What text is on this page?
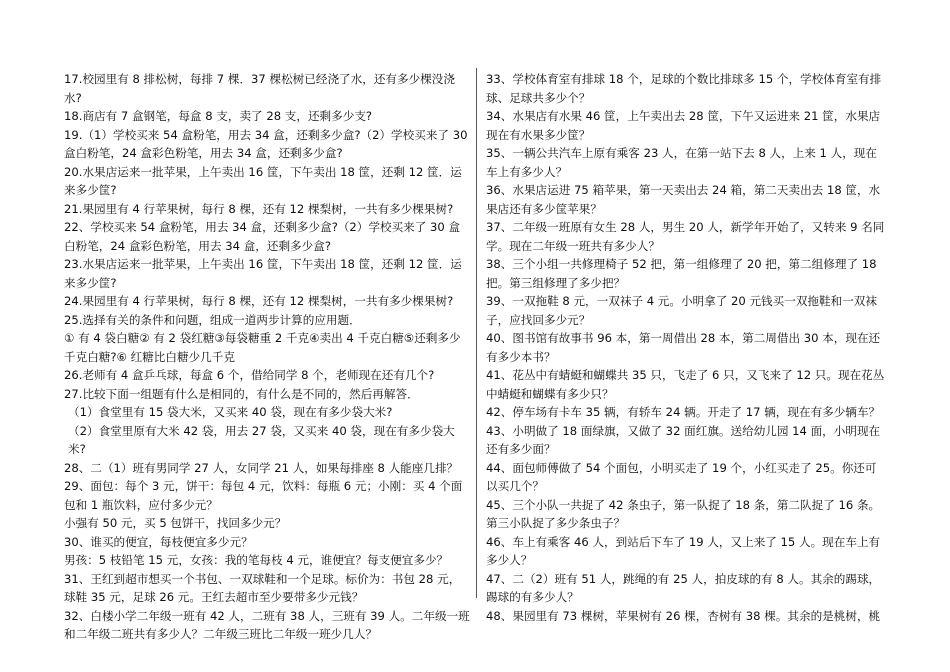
17.校园里有 8 排松树，每排 7 棵．37 棵松树已经浇了水，还有多少棵没浇水?

18.商店有 7 盒钢笔，每盒 8 支，卖了 28 支，还剩多少支?

19.（1）学校买来 54 盒粉笔，用去 34 盒，还剩多少盒?（2）学校买来了 30 盒白粉笔，24 盒彩色粉笔，用去 34 盒，还剩多少盒?

20.水果店运来一批苹果，上午卖出 16 筐，下午卖出 18 筐，还剩 12 筐．运来多少筐?

21.果园里有 4 行苹果树，每行 8 棵，还有 12 棵梨树，一共有多少棵果树?

22、学校买来 54 盒粉笔，用去 34 盒，还剩多少盒?（2）学校买来了 30 盒白粉笔，24 盒彩色粉笔，用去 34 盒，还剩多少盒?

23.水果店运来一批苹果，上午卖出 16 筐，下午卖出 18 筐，还剩 12 筐．运来多少筐?

24.果园里有 4 行苹果树，每行 8 棵，还有 12 棵梨树，一共有多少棵果树?

25.选择有关的条件和问题，组成一道两步计算的应用题．

① 有 4 袋白糖② 有 2 袋红糖③每袋糖重 2 千克④卖出 4 千克白糖⑤还剩多少千克白糖?⑥ 红糖比白糖少几千克

26.老师有 4 盒乒乓球，每盒 6 个，借给同学 8 个，老师现在还有几个?

27.比较下面一组题有什么是相同的，有什么是不同的，然后再解答．

（1）食堂里有 15 袋大米，又买来 40 袋，现在有多少袋大米?

（2）食堂里原有大米 42 袋，用去 27 袋，又买来 40 袋，现在有多少袋大米?

28、二（1）班有男同学 27 人，女同学 21 人，如果每排座 8 人能座几排？

29、面包：每个 3 元，饼干：每包 4 元，饮料：每瓶 6 元；小刚：买 4 个面包和 1 瓶饮料，应付多少元？

小强有 50 元，买 5 包饼干，找回多少元？

30、谁买的便宜，每枝便宜多少元？

男孩：5 枝铅笔 15 元，女孩：我的笔每枝 4 元，谁便宜？每支便宜多少？

31、王红到超市想买一个书包、一双球鞋和一个足球。标价为：书包 28 元，球鞋 35 元，足球 26 元。王红去超市至少要带多少元钱？

32、白楼小学二年级一班有 42 人，二班有 38 人，三班有 39 人。二年级一班和二年级二班共有多少人？二年级三班比二年级一班少几人？

33、学校体育室有排球 18 个，足球的个数比排球多 15 个，学校体育室有排球、足球共多少个？

34、水果店有水果 46 筐，上午卖出去 28 筐，下午又运进来 21 筐，水果店现在有水果多少筐？

35、一辆公共汽车上原有乘客 23 人，在第一站下去 8 人，上来 1 人，现在车上有多少人？

36、水果店运进 75 箱苹果，第一天卖出去 24 箱，第二天卖出去 18 筐，水果店还有多少筐苹果？

37、二年级一班原有女生 28 人，男生 20 人，新学年开始了，又转来 9 名同学。现在二年级一班共有多少人？

38、三个小组一共修理椅子 52 把，第一组修理了 20 把，第二组修理了 18 把。第三组修理了多少把？

39、一双拖鞋 8 元，一双袜子 4 元。小明拿了 20 元钱买一双拖鞋和一双袜子，应找回多少元？

40、图书馆有故事书 96 本，第一周借出 28 本，第二周借出 30 本，现在还有多少本书？

41、花丛中有蜻蜓和蝴蝶共 35 只，飞走了 6 只，又飞来了 12 只。现在花丛中蜻蜓和蝴蝶有多少只？

42、停车场有卡车 35 辆，有轿车 24 辆。开走了 17 辆，现在有多少辆车？

43、小明做了 18 面绿旗，又做了 32 面红旗。送给幼儿园 14 面，小明现在还有多少面？

44、面包师傅做了 54 个面包，小明买走了 19 个，小红买走了 25。你还可以买几个？

45、三个小队一共捉了 42 条虫子，第一队捉了 18 条，第二队捉了 16 条。第三小队捉了多少条虫子？

46、车上有乘客 46 人，到站后下车了 19 人，又上来了 15 人。现在车上有多少人？

47、二（2）班有 51 人，跳绳的有 25 人，拍皮球的有 8 人。其余的踢球，踢球的有多少人？

48、果园里有 73 棵树，苹果树有 26 棵，杏树有 38 棵。其余的是桃树，桃
